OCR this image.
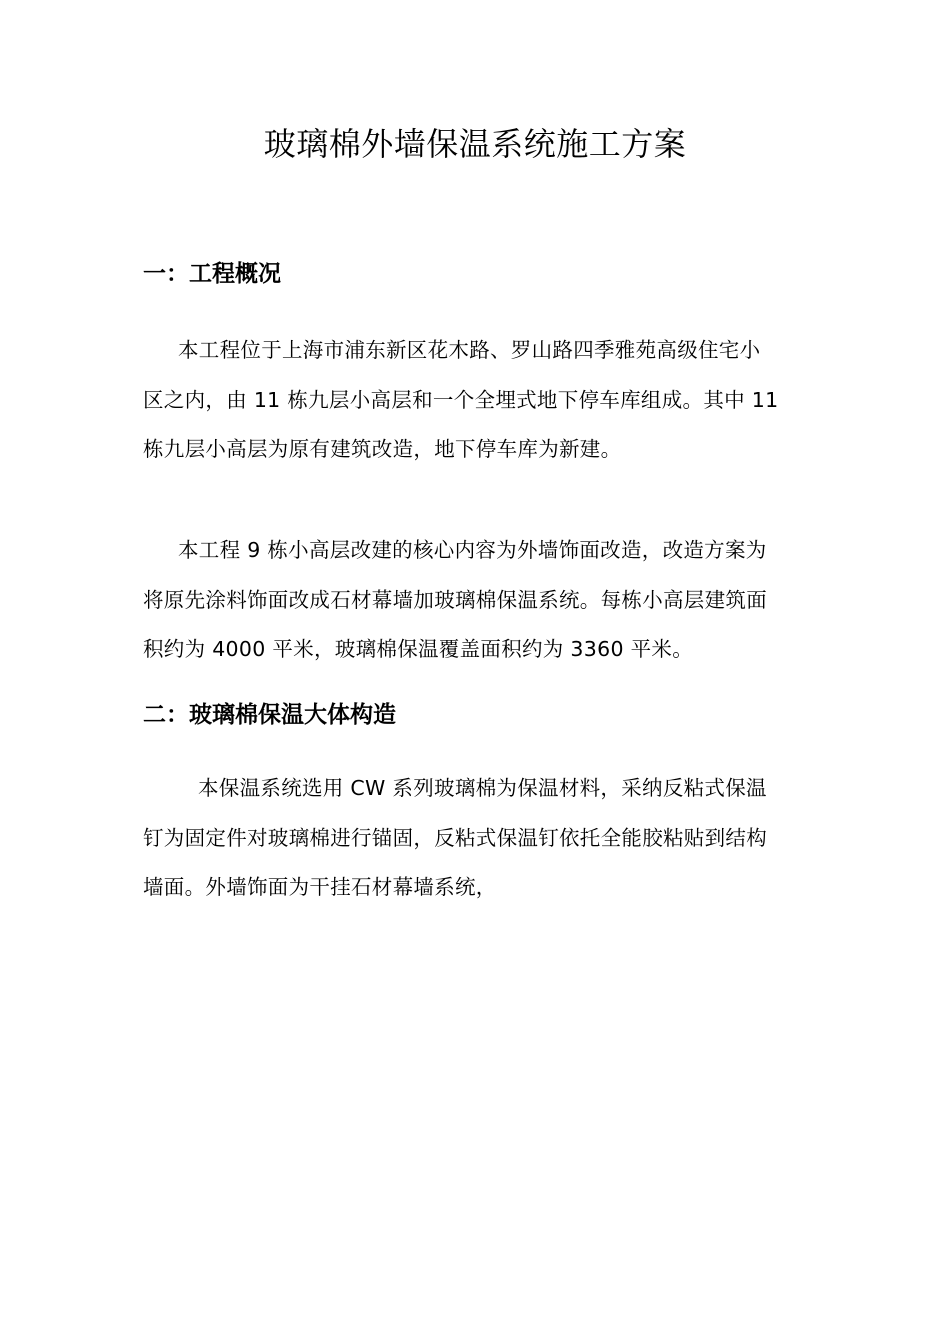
玻璃棉外墙保温系统施工方案
一：工程概况

本工程位于上海市浦东新区花木路、罗山路四季雅苑高级住宅小
区之内，由 11 栋九层小高层和一个全埋式地下停车库组成。其中 11
栋九层小高层为原有建筑改造，地下停车库为新建。

本工程 9 栋小高层改建的核心内容为外墙饰面改造，改造方案为
将原先涂料饰面改成石材幕墙加玻璃棉保温系统。每栋小高层建筑面
积约为 4000 平米，玻璃棉保温覆盖面积约为 3360 平米。

二：玻璃棉保温大体构造

本保温系统选用 CW 系列玻璃棉为保温材料，采纳反粘式保温
钉为固定件对玻璃棉进行锚固，反粘式保温钉依托全能胶粘贴到结构
墙面。外墙饰面为干挂石材幕墙系统，
